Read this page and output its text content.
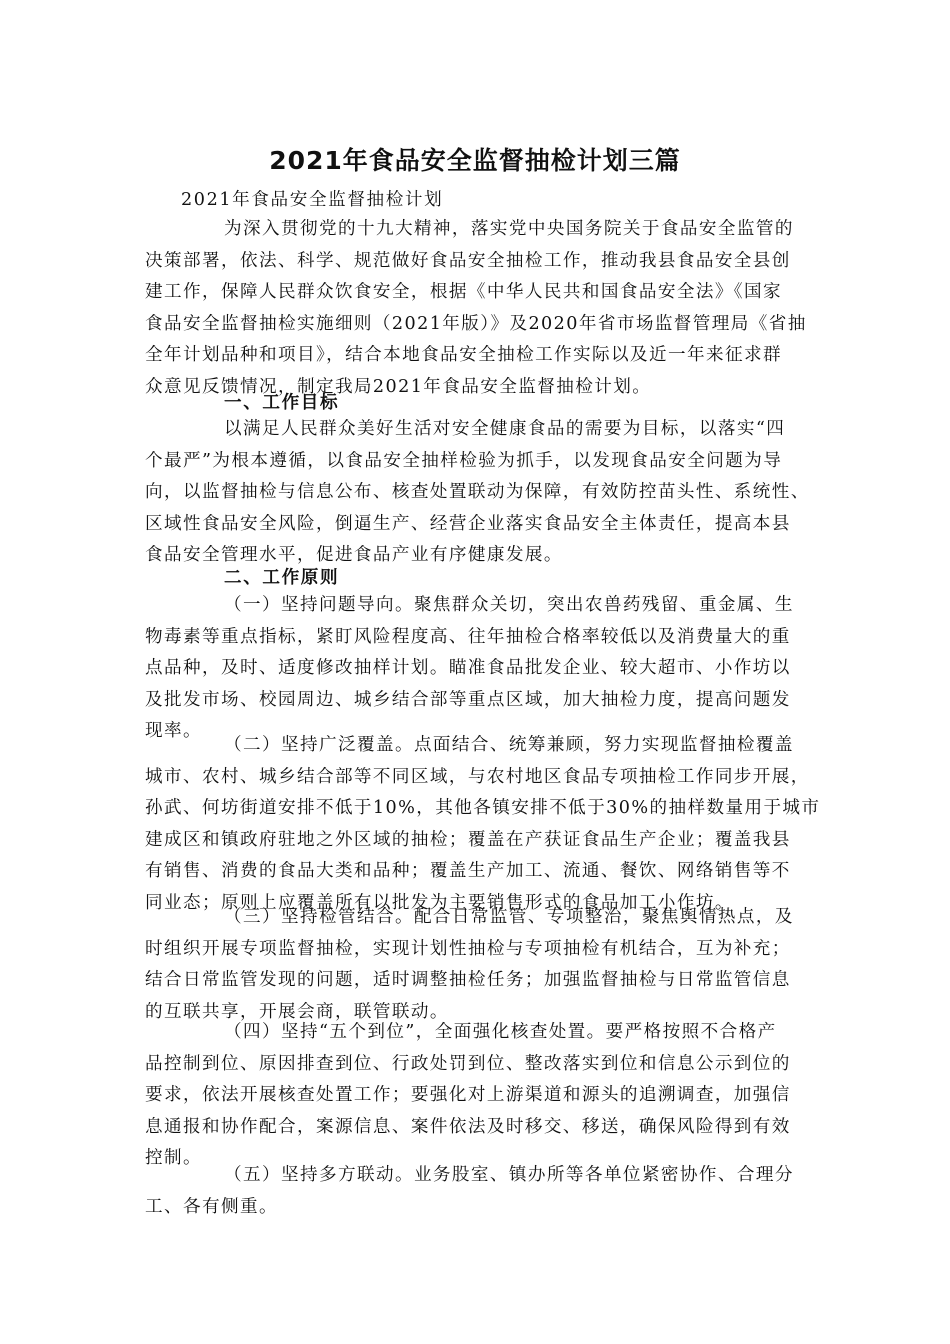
2021年食品安全监督抽检计划三篇
2021年食品安全监督抽检计划
为深入贯彻党的十九大精神，落实党中央国务院关于食品安全监管的
决策部署，依法、科学、规范做好食品安全抽检工作，推动我县食品安全县创
建工作，保障人民群众饮食安全，根据《中华人民共和国食品安全法》《国家
食品安全监督抽检实施细则（2021年版）》及2020年省市场监督管理局《省抽
全年计划品种和项目》，结合本地食品安全抽检工作实际以及近一年来征求群
众意见反馈情况，制定我局2021年食品安全监督抽检计划。
一、工作目标
以满足人民群众美好生活对安全健康食品的需要为目标，以落实“四
个最严”为根本遵循，以食品安全抽样检验为抓手，以发现食品安全问题为导
向，以监督抽检与信息公布、核查处置联动为保障，有效防控苗头性、系统性、
区域性食品安全风险，倒逼生产、经营企业落实食品安全主体责任，提高本县
食品安全管理水平，促进食品产业有序健康发展。
二、工作原则
（一）坚持问题导向。聚焦群众关切，突出农兽药残留、重金属、生
物毒素等重点指标，紧盯风险程度高、往年抽检合格率较低以及消费量大的重
点品种，及时、适度修改抽样计划。瞄准食品批发企业、较大超市、小作坊以
及批发市场、校园周边、城乡结合部等重点区域，加大抽检力度，提高问题发
现率。
（二）坚持广泛覆盖。点面结合、统筹兼顾，努力实现监督抽检覆盖
城市、农村、城乡结合部等不同区域，与农村地区食品专项抽检工作同步开展，
孙武、何坊街道安排不低于10%，其他各镇安排不低于30%的抽样数量用于城市
建成区和镇政府驻地之外区域的抽检；覆盖在产获证食品生产企业；覆盖我县
有销售、消费的食品大类和品种；覆盖生产加工、流通、餐饮、网络销售等不
同业态；原则上应覆盖所有以批发为主要销售形式的食品加工小作坊。
（三）坚持检管结合。配合日常监管、专项整治，聚焦舆情热点，及
时组织开展专项监督抽检，实现计划性抽检与专项抽检有机结合，互为补充；
结合日常监管发现的问题，适时调整抽检任务；加强监督抽检与日常监管信息
的互联共享，开展会商，联管联动。
（四）坚持“五个到位”，全面强化核查处置。要严格按照不合格产
品控制到位、原因排查到位、行政处罚到位、整改落实到位和信息公示到位的
要求，依法开展核查处置工作；要强化对上游渠道和源头的追溯调查，加强信
息通报和协作配合，案源信息、案件依法及时移交、移送，确保风险得到有效
控制。
（五）坚持多方联动。业务股室、镇办所等各单位紧密协作、合理分
工、各有侧重。
